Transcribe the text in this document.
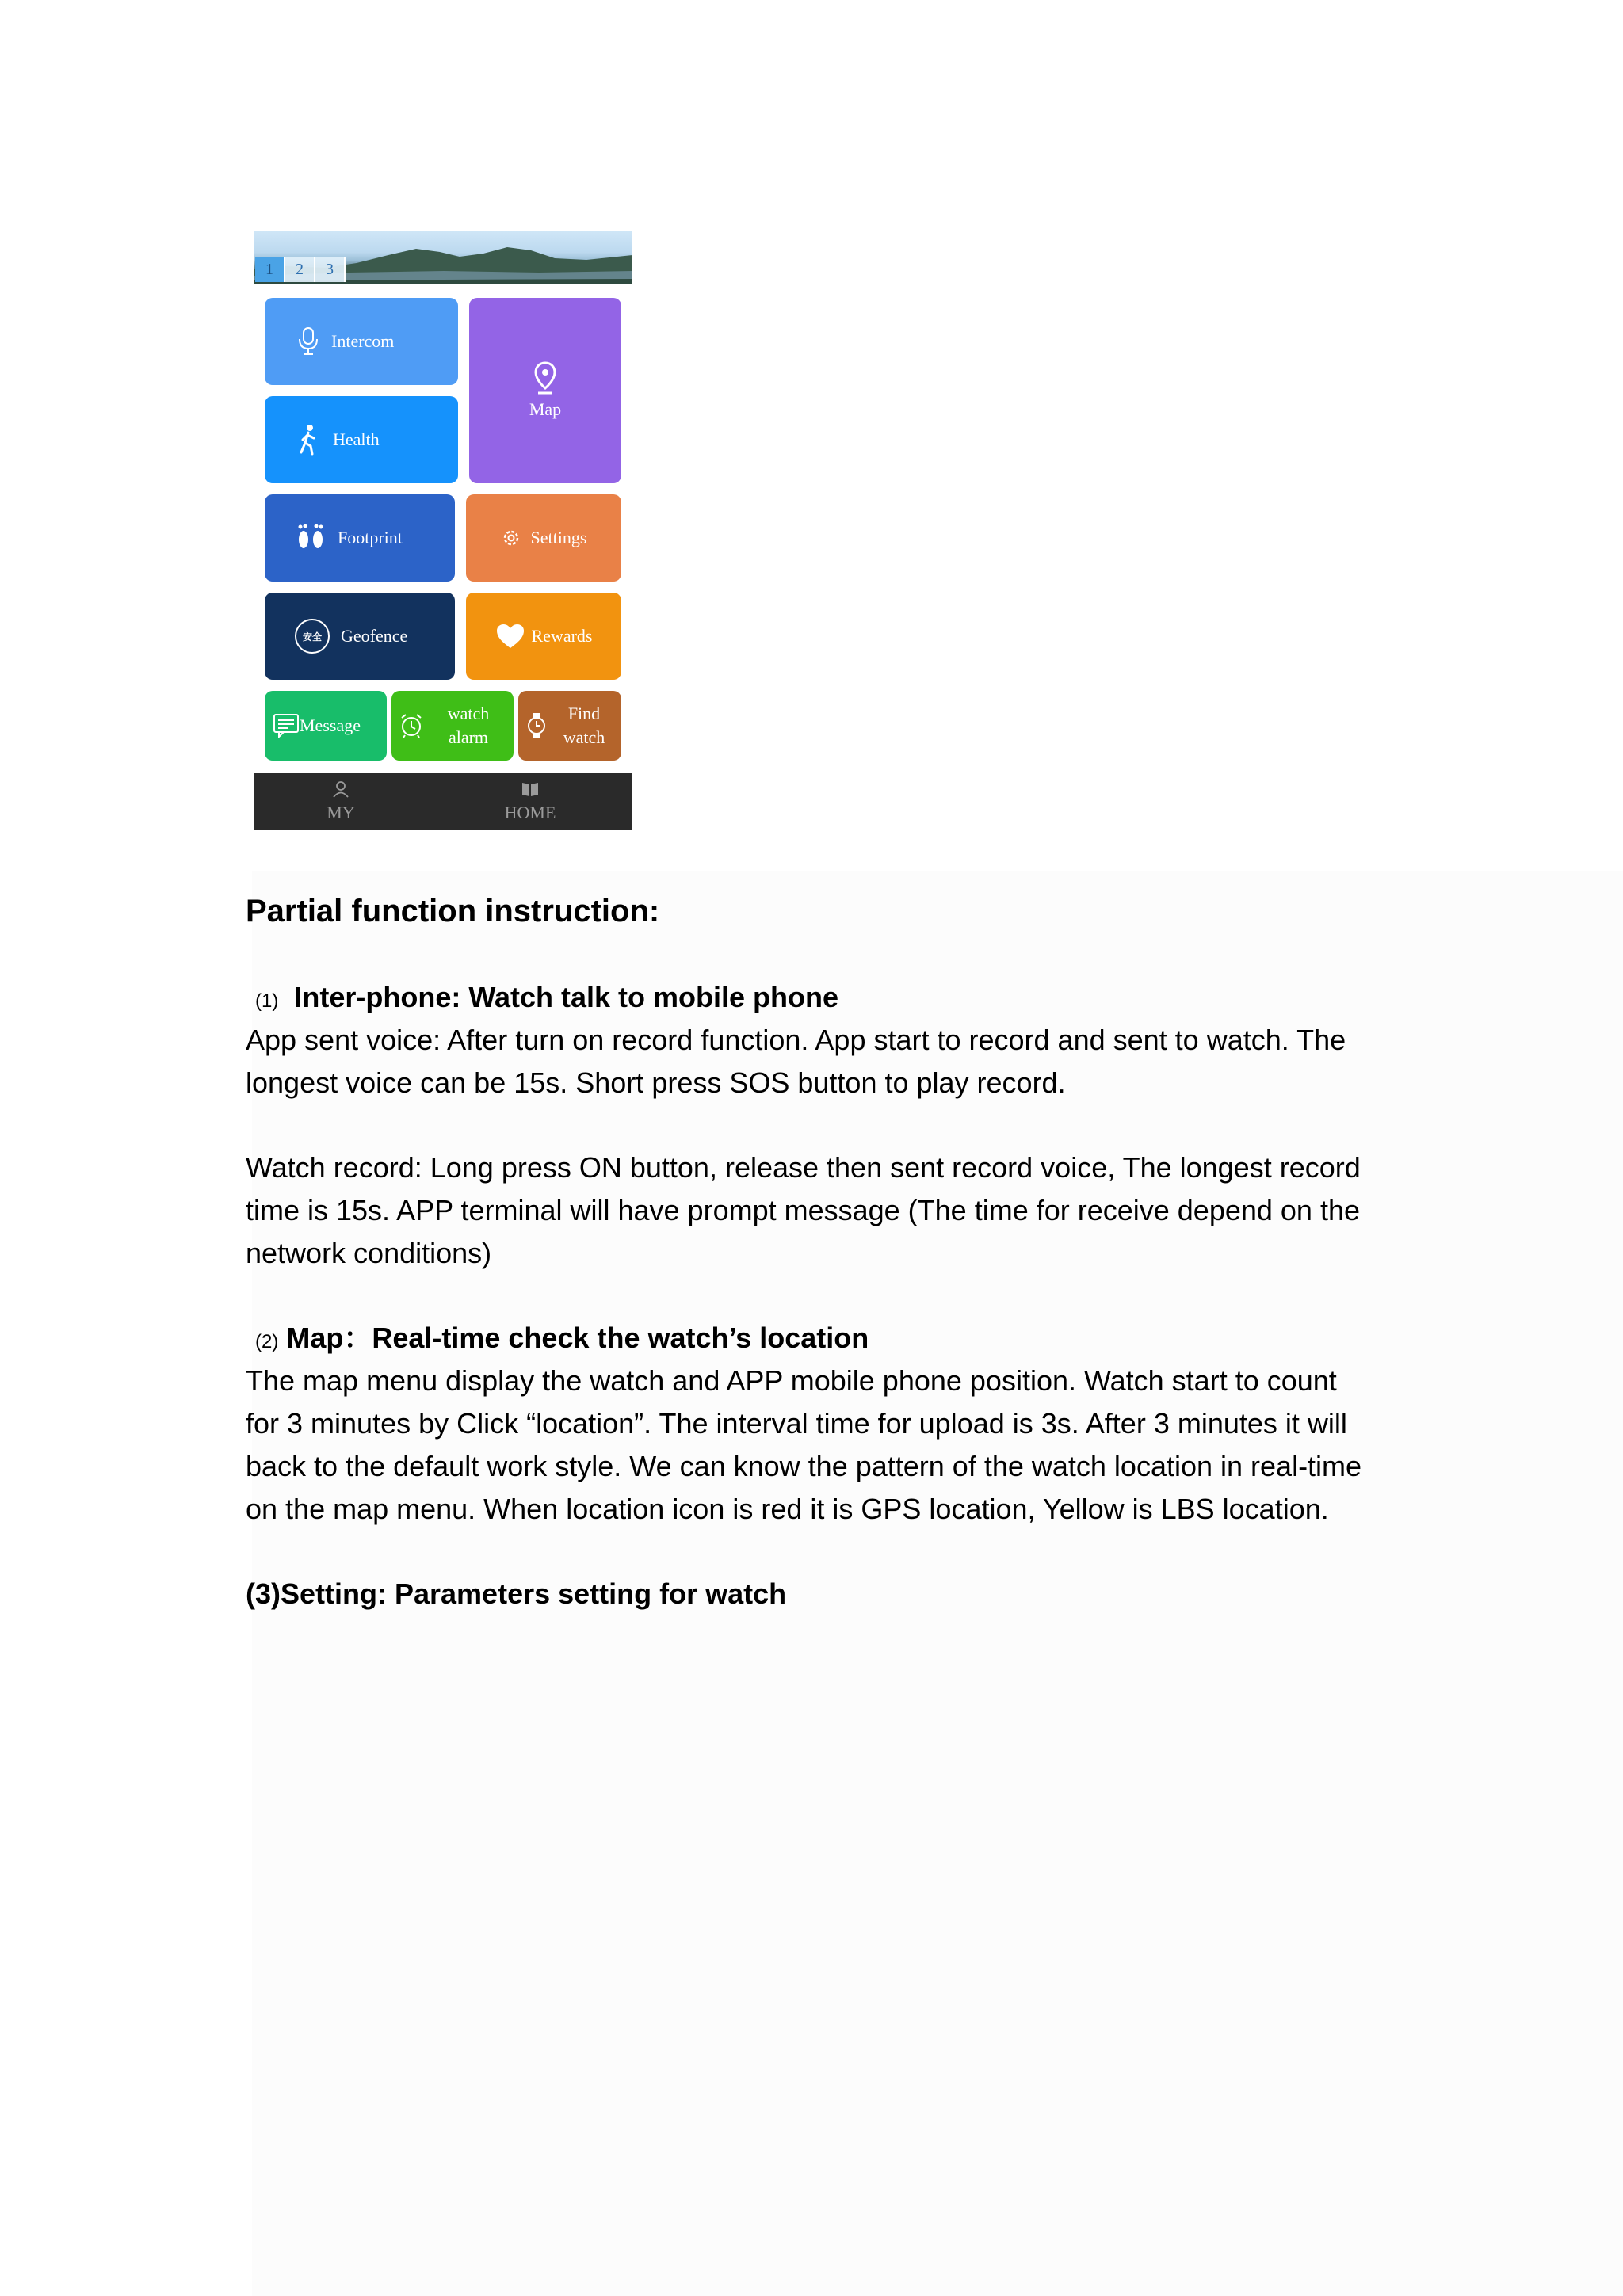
1	2	3
Intercom
Health
Map
Footprint	Settings
安全 Geofence	Rewards
Message
watch
alarm
Find
watch
MY	HOME
Partial function instruction:
(1) Inter-phone: Watch talk to mobile phone
App sent voice: After turn on record function. App start to record and sent to watch. The
longest voice can be 15s. Short press SOS button to play record.
Watch record: Long press ON button, release then sent record voice, The longest record
time is 15s. APP terminal will have prompt message (The time for receive depend on the
network conditions)
(2) Map：Real-time check the watch’s location
The map menu display the watch and APP mobile phone position. Watch start to count
for 3 minutes by Click “location”. The interval time for upload is 3s. After 3 minutes it will
back to the default work style. We can know the pattern of the watch location in real-time
on the map menu. When location icon is red it is GPS location, Yellow is LBS location.
(3)Setting: Parameters setting for watch
